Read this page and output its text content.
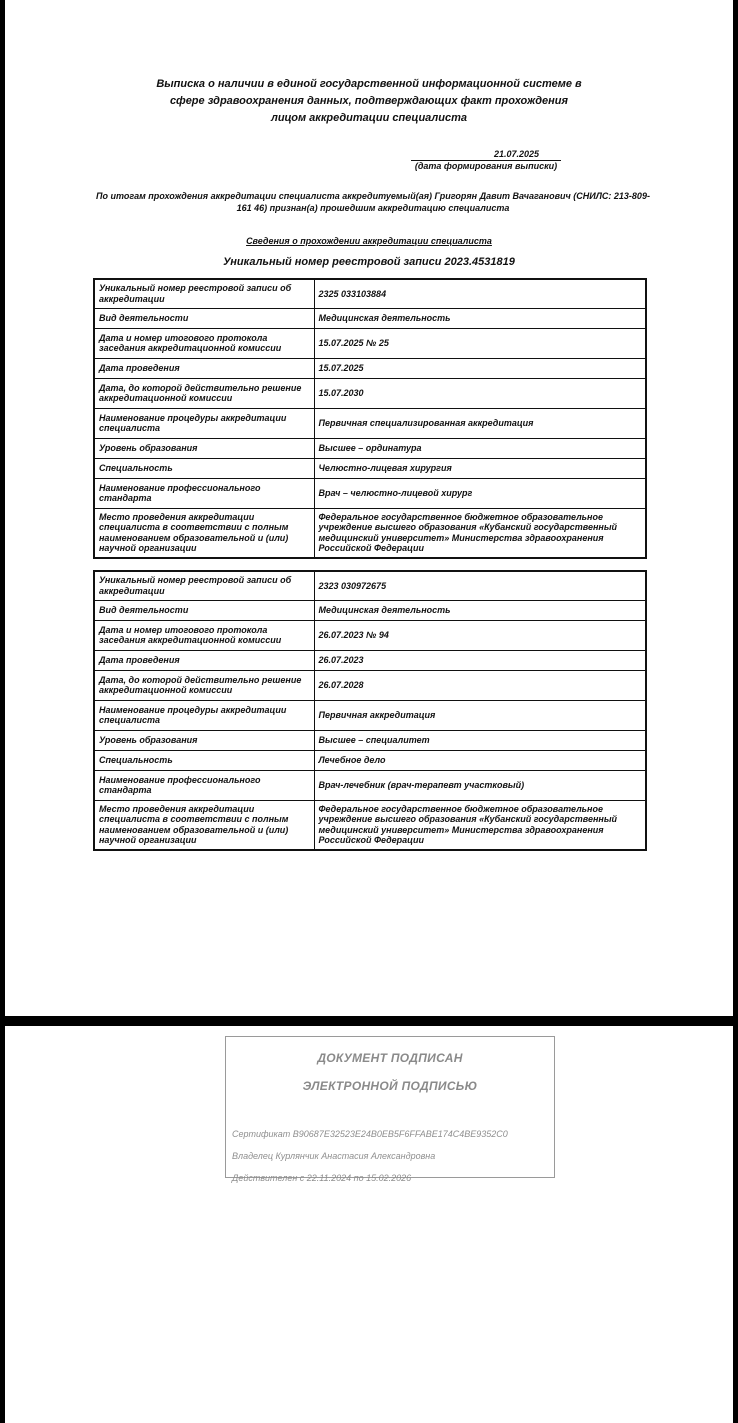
Выписка о наличии в единой государственной информационной системе в сфере здравоохранения данных, подтверждающих факт прохождения лицом аккредитации специалиста
21.07.2025
(дата формирования выписки)
По итогам прохождения аккредитации специалиста аккредитуемый(ая) Григорян Давит Вачаганович (СНИЛС: 213-809-161 46) признан(а) прошедшим аккредитацию специалиста
Сведения о прохождении аккредитации специалиста
Уникальный номер реестровой записи 2023.4531819
Уникальный номер реестровой записи об аккредитации	2325 033103884
Вид деятельности	Медицинская деятельность
Дата и номер итогового протокола заседания аккредитационной комиссии	15.07.2025 № 25
Дата проведения	15.07.2025
Дата, до которой действительно решение аккредитационной комиссии	15.07.2030
Наименование процедуры аккредитации специалиста	Первичная специализированная аккредитация
Уровень образования	Высшее – ординатура
Специальность	Челюстно-лицевая хирургия
Наименование профессионального стандарта	Врач – челюстно-лицевой хирург
Место проведения аккредитации специалиста в соответствии с полным наименованием образовательной и (или) научной организации	Федеральное государственное бюджетное образовательное учреждение высшего образования «Кубанский государственный медицинский университет» Министерства здравоохранения Российской Федерации
Уникальный номер реестровой записи об аккредитации	2323 030972675
Вид деятельности	Медицинская деятельность
Дата и номер итогового протокола заседания аккредитационной комиссии	26.07.2023 № 94
Дата проведения	26.07.2023
Дата, до которой действительно решение аккредитационной комиссии	26.07.2028
Наименование процедуры аккредитации специалиста	Первичная аккредитация
Уровень образования	Высшее – специалитет
Специальность	Лечебное дело
Наименование профессионального стандарта	Врач-лечебник (врач-терапевт участковый)
Место проведения аккредитации специалиста в соответствии с полным наименованием образовательной и (или) научной организации	Федеральное государственное бюджетное образовательное учреждение высшего образования «Кубанский государственный медицинский университет» Министерства здравоохранения Российской Федерации
ДОКУМЕНТ ПОДПИСАН
ЭЛЕКТРОННОЙ ПОДПИСЬЮ
Сертификат B90687E32523E24B0EB5F6FFABE174C4BE9352C0
Владелец Курлянчик Анастасия Александровна
Действителен с 22.11.2024 по 15.02.2026
